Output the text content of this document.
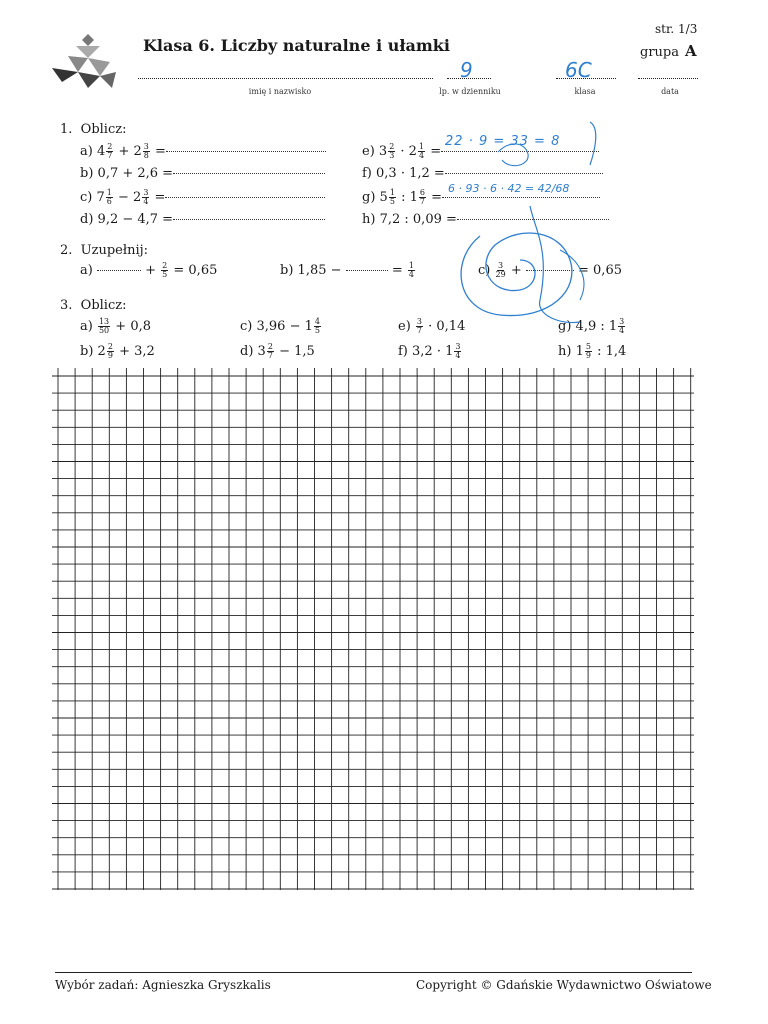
Klasa 6. Liczby naturalne i ułamki
str. 1/3
grupa A
imię i nazwisko	lp. w dzienniku	klasa	data
9	6C
1. Oblicz:
a) $4 \frac{2}{7} + 2 \frac{3}{8}$ =
b) 0,7 + 2,6 =
c) $7 \frac{1}{6} - 2 \frac{3}{4}$ =
d) 9,2 − 4,7 =
e) $3 \frac{2}{3} \cdot 2 \frac{1}{4}$ =
f) 0,3 · 1,2 =
g) $5 \frac{1}{5}$ : $1 \frac{6}{7}$ =
h) 7,2 : 0,09 =
2. Uzupełnij:
a)	+ $\frac{2}{5} = 0,65$	b) 1,85 −	= $\frac{1}{4}$	$c) \frac{3}{29}$ +	= 0,65
3. Oblicz:
$a) \frac{13}{50} + 0,8$
b) $2 \frac{2}{9} + 3,2$
c) $3,96 - 1 \frac{4}{5}$
d) $3 \frac{2}{7} - 1,5$
$e) \frac{3}{7} \cdot 0,14$
f) $3,2 \cdot 1 \frac{3}{4}$
g) 4,9 : $1 \frac{3}{4}$
h) $1 \frac{5}{9}$ : 1,4
22 · 9 = 33 = 8
6 · 93 · 6 · 42 = 42/68
Wybór zadań: Agnieszka Gryszkalis	Copyright © Gdańskie Wydawnictwo Oświatowe
